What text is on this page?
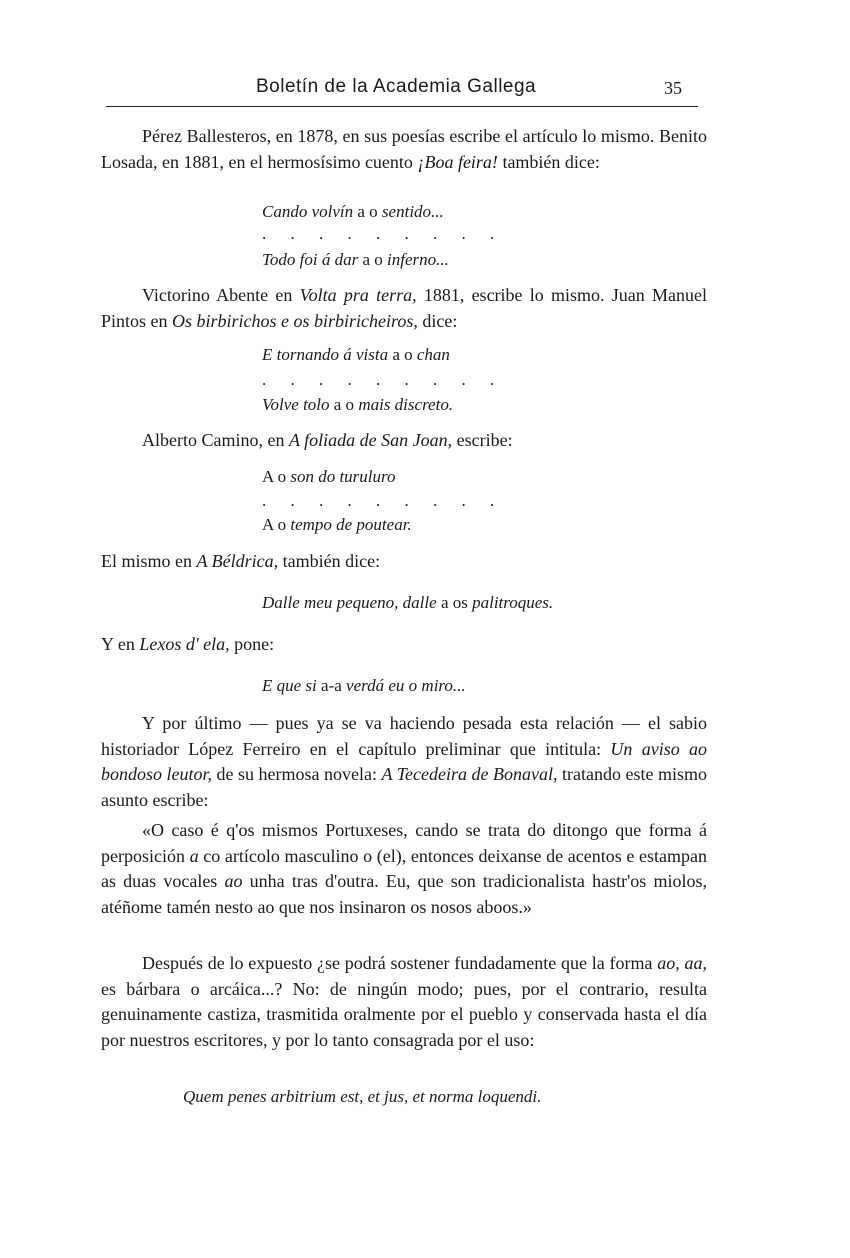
Boletín de la Academia Gallega	35

Pérez Ballesteros, en 1878, en sus poesías escribe el artículo lo mismo. Benito Losada, en 1881, en el hermosísimo cuento ¡Boa feira! también dice:

Cando volvín a o sentido...
. . . . . . . . .
Todo foi á dar a o inferno...

Victorino Abente en Volta pra terra, 1881, escribe lo mismo. Juan Manuel Pintos en Os birbirichos e os birbiricheiros, dice:

E tornando á vista a o chan
. . . . . . . . .
Volve tolo a o mais discreto.

Alberto Camino, en A foliada de San Joan, escribe:

A o son do turuluro
. . . . . . . . .
A o tempo de poutear.

El mismo en A Béldrica, también dice:

Dalle meu pequeno, dalle a os palitroques.

Y en Lexos d' ela, pone:

E que si a-a verdá eu o miro...

Y por último — pues ya se va haciendo pesada esta relación — el sabio historiador López Ferreiro en el capítulo preliminar que intitula: Un aviso ao bondoso leutor, de su hermosa novela: A Tecedeira de Bonaval, tratando este mismo asunto escribe:

«O caso é q'os mismos Portuxeses, cando se trata do ditongo que forma á perposición a co artícolo masculino o (el), entonces deixanse de acentos e estampan as duas vocales ao unha tras d'outra. Eu, que son tradicionalista hastr'os miolos, atéñome tamén nesto ao que nos insinaron os nosos aboos.»

Después de lo expuesto ¿se podrá sostener fundadamente que la forma ao, aa, es bárbara o arcáica...? No: de ningún modo; pues, por el contrario, resulta genuinamente castiza, trasmitida oralmente por el pueblo y conservada hasta el día por nuestros escritores, y por lo tanto consagrada por el uso:

Quem penes arbitrium est, et jus, et norma loquendi.
